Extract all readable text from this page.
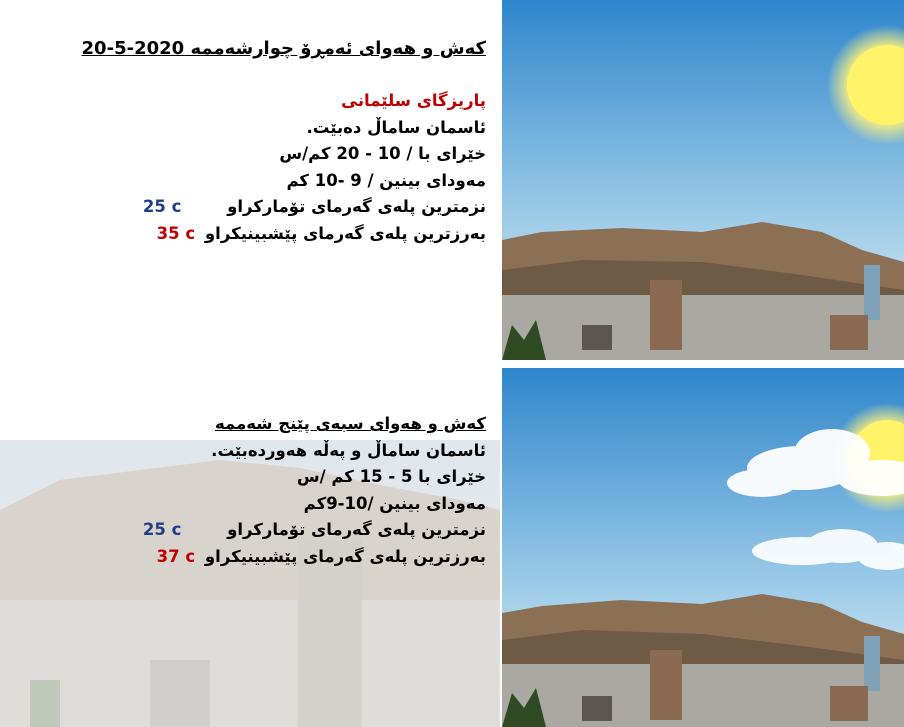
کەش و هەوای ئەمڕۆ چوارشەممە 2020-5-20
پاریزگای سلێمانی
ئاسمان ساماڵ دەبێت.
خێرای با / 10 - 20 کم/س
مەودای بینین / 9 -10 کم
نزمترین پلەی گەرمای تۆمارکراو 25 c
بەرزترین پلەی گەرمای پێشبینیکراو 35 c
کەش و هەوای سبەی پێنج شەممە
ئاسمان ساماڵ و پەڵە هەوردەبێت.
خێرای با 5 - 15 کم /س
مەودای بینین /10-9کم
نزمترین پلەی گەرمای تۆمارکراو 25 c
بەرزترین پلەی گەرمای پێشبینیکراو 37 c
